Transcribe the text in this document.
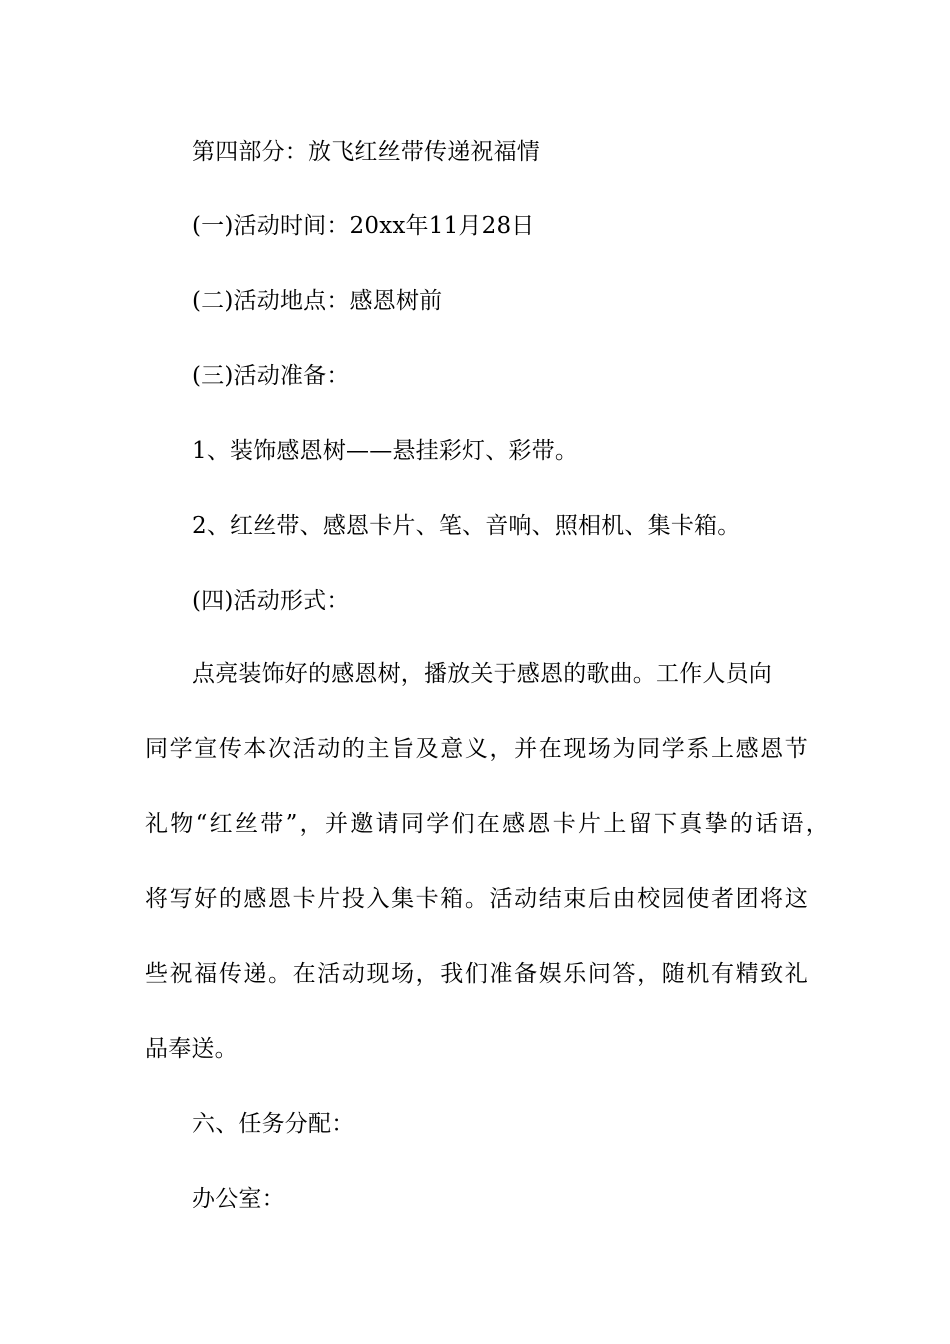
第四部分：放飞红丝带传递祝福情
(一)活动时间：20xx年11月28日
(二)活动地点：感恩树前
(三)活动准备：
1、装饰感恩树——悬挂彩灯、彩带。
2、红丝带、感恩卡片、笔、音响、照相机、集卡箱。
(四)活动形式：
点亮装饰好的感恩树，播放关于感恩的歌曲。工作人员向
同学宣传本次活动的主旨及意义，并在现场为同学系上感恩节
礼物“红丝带”，并邀请同学们在感恩卡片上留下真挚的话语，
将写好的感恩卡片投入集卡箱。活动结束后由校园使者团将这
些祝福传递。在活动现场，我们准备娱乐问答，随机有精致礼
品奉送。
六、任务分配：
办公室：
